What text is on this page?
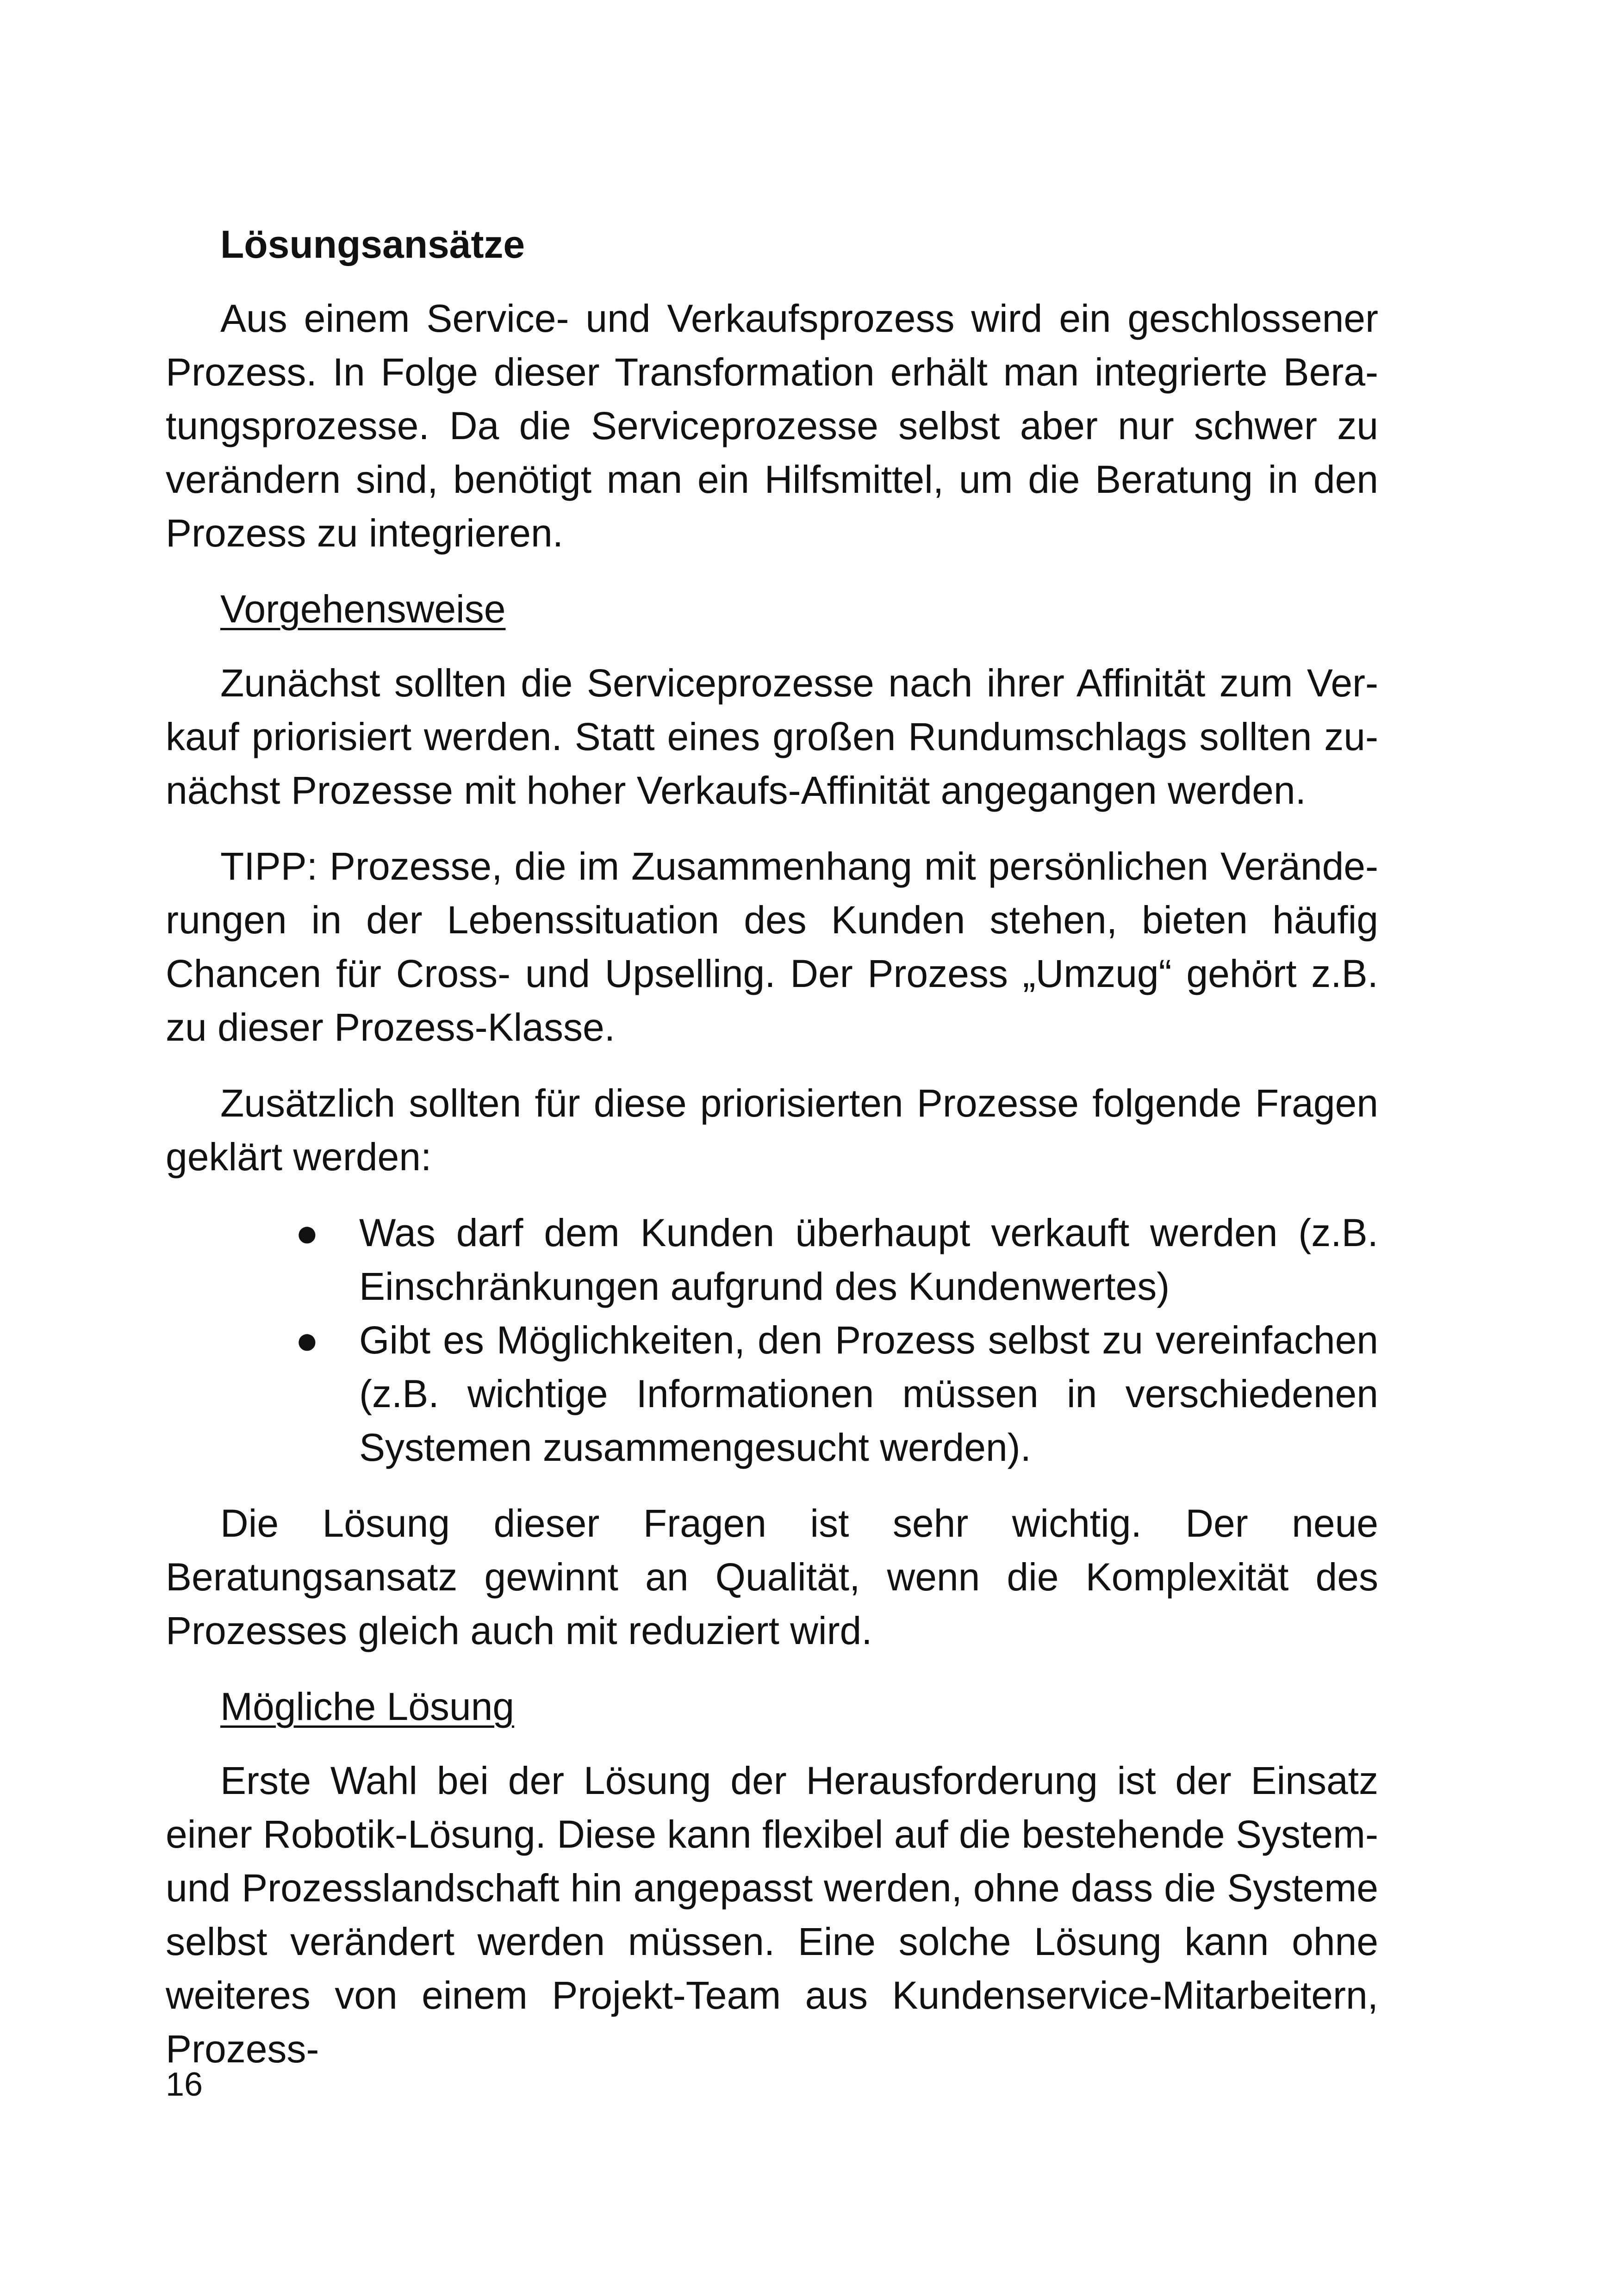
Lösungsansätze

Aus einem Service- und Verkaufsprozess wird ein geschlossener Prozess. In Folge dieser Transformation erhält man integrierte Beratungsprozesse. Da die Serviceprozesse selbst aber nur schwer zu verändern sind, benötigt man ein Hilfsmittel, um die Beratung in den Prozess zu integrieren.

Vorgehensweise

Zunächst sollten die Serviceprozesse nach ihrer Affinität zum Verkauf priorisiert werden. Statt eines großen Rundumschlags sollten zunächst Prozesse mit hoher Verkaufs-Affinität angegangen werden.

TIPP: Prozesse, die im Zusammenhang mit persönlichen Veränderungen in der Lebenssituation des Kunden stehen, bieten häufig Chancen für Cross- und Upselling. Der Prozess „Umzug“ gehört z.B. zu dieser Prozess-Klasse.

Zusätzlich sollten für diese priorisierten Prozesse folgende Fragen geklärt werden:

● Was darf dem Kunden überhaupt verkauft werden (z.B. Einschränkungen aufgrund des Kundenwertes)
● Gibt es Möglichkeiten, den Prozess selbst zu vereinfachen (z.B. wichtige Informationen müssen in verschiedenen Systemen zusammengesucht werden).

Die Lösung dieser Fragen ist sehr wichtig. Der neue Beratungsansatz gewinnt an Qualität, wenn die Komplexität des Prozesses gleich auch mit reduziert wird.

Mögliche Lösung

Erste Wahl bei der Lösung der Herausforderung ist der Einsatz einer Robotik-Lösung. Diese kann flexibel auf die bestehende System- und Prozesslandschaft hin angepasst werden, ohne dass die Systeme selbst verändert werden müssen. Eine solche Lösung kann ohne weiteres von einem Projekt-Team aus Kundenservice-Mitarbeitern, Prozess-

16
